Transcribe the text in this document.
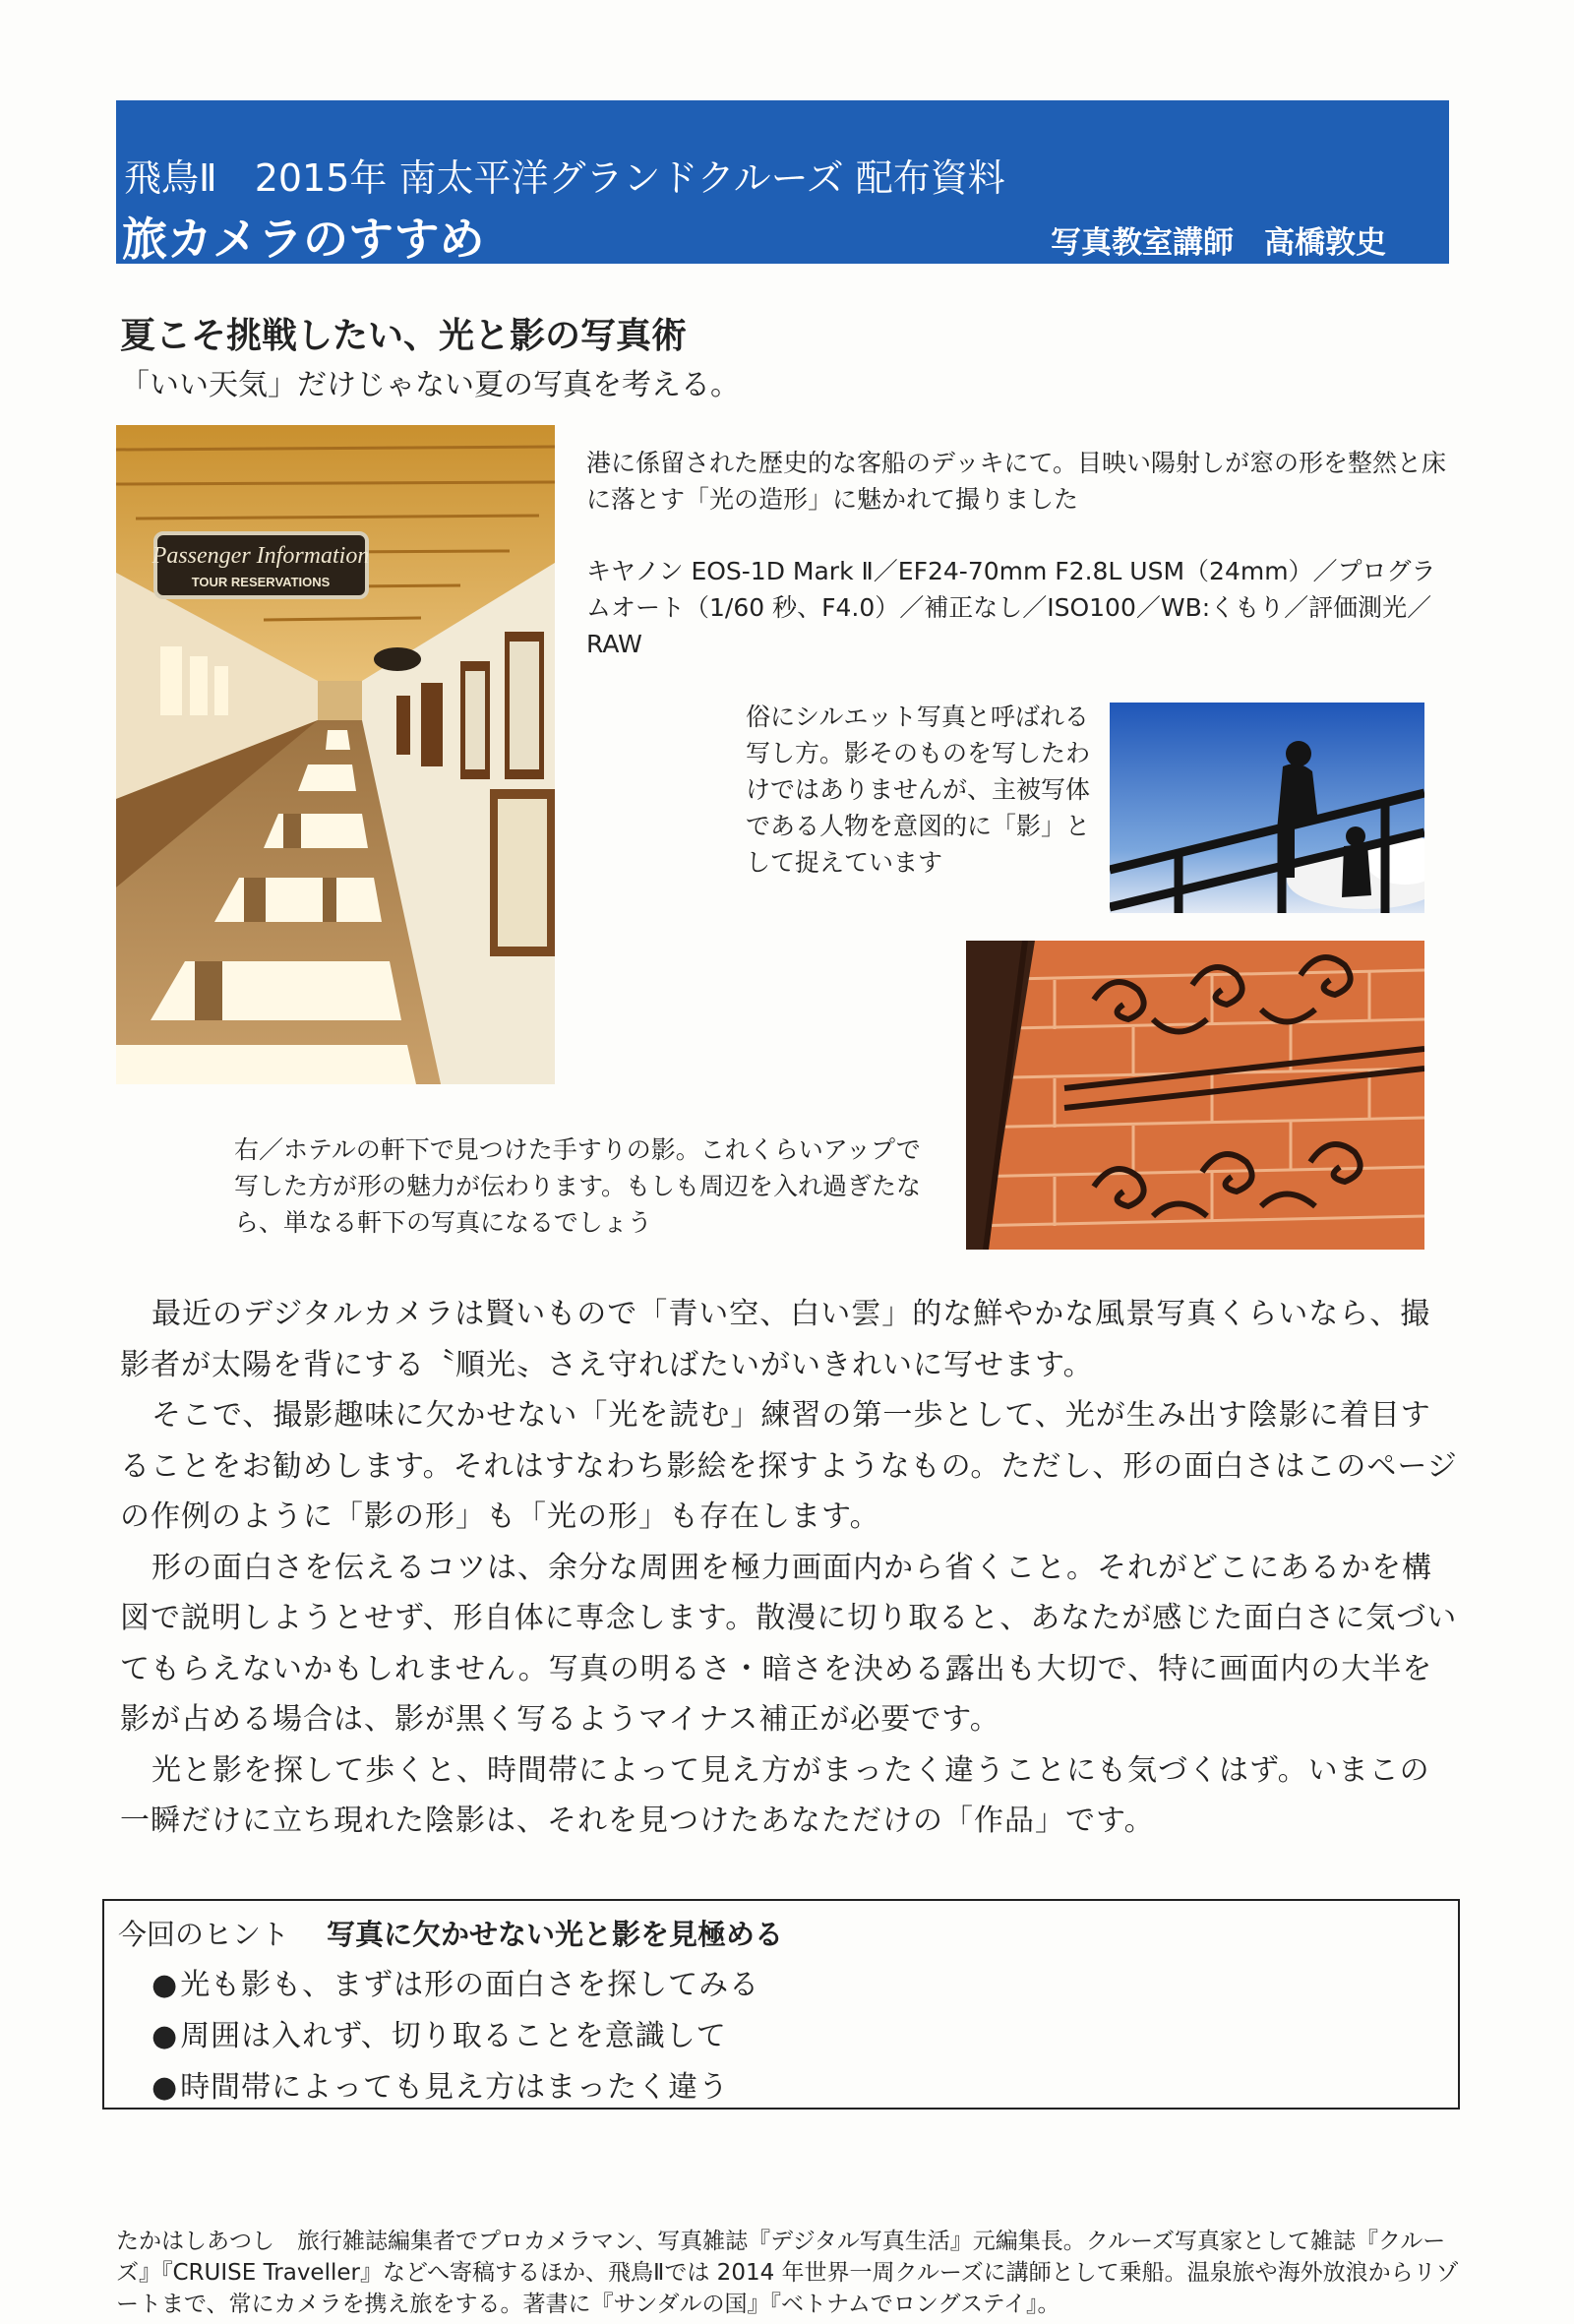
飛鳥Ⅱ　2015年 南太平洋グランドクルーズ 配布資料
旅カメラのすすめ	写真教室講師　高橋敦史
夏こそ挑戦したい、光と影の写真術
「いい天気」だけじゃない夏の写真を考える。
Passenger Information
TOUR RESERVATIONS
港に係留された歴史的な客船のデッキにて。目映い陽射しが窓の形を整然と床に落とす「光の造形」に魅かれて撮りました
キヤノン EOS-1D Mark Ⅱ／EF24-70mm F2.8L USM（24mm）／プログラムオート（1/60 秒、F4.0）／補正なし／ISO100／WB:くもり／評価測光／RAW
俗にシルエット写真と呼ばれる写し方。影そのものを写したわけではありませんが、主被写体である人物を意図的に「影」として捉えています
右／ホテルの軒下で見つけた手すりの影。これくらいアップで写した方が形の魅力が伝わります。もしも周辺を入れ過ぎたなら、単なる軒下の写真になるでしょう

最近のデジタルカメラは賢いもので「青い空、白い雲」的な鮮やかな風景写真くらいなら、撮影者が太陽を背にする〝順光〟さえ守ればたいがいきれいに写せます。

そこで、撮影趣味に欠かせない「光を読む」練習の第一歩として、光が生み出す陰影に着目することをお勧めします。それはすなわち影絵を探すようなもの。ただし、形の面白さはこのページの作例のように「影の形」も「光の形」も存在します。

形の面白さを伝えるコツは、余分な周囲を極力画面内から省くこと。それがどこにあるかを構図で説明しようとせず、形自体に専念します。散漫に切り取ると、あなたが感じた面白さに気づいてもらえないかもしれません。写真の明るさ・暗さを決める露出も大切で、特に画面内の大半を影が占める場合は、影が黒く写るようマイナス補正が必要です。

光と影を探して歩くと、時間帯によって見え方がまったく違うことにも気づくはず。いまこの一瞬だけに立ち現れた陰影は、それを見つけたあなただけの「作品」です。

今回のヒント 写真に欠かせない光と影を見極める
● 光も影も、まずは形の面白さを探してみる
● 周囲は入れず、切り取ることを意識して
● 時間帯によっても見え方はまったく違う
たかはしあつし　旅行雑誌編集者でプロカメラマン、写真雑誌『デジタル写真生活』元編集長。クルーズ写真家として雑誌『クルーズ』『CRUISE Traveller』などへ寄稿するほか、飛鳥Ⅱでは 2014 年世界一周クルーズに講師として乗船。温泉旅や海外放浪からリゾートまで、常にカメラを携え旅をする。著書に『サンダルの国』『ベトナムでロングステイ』。
